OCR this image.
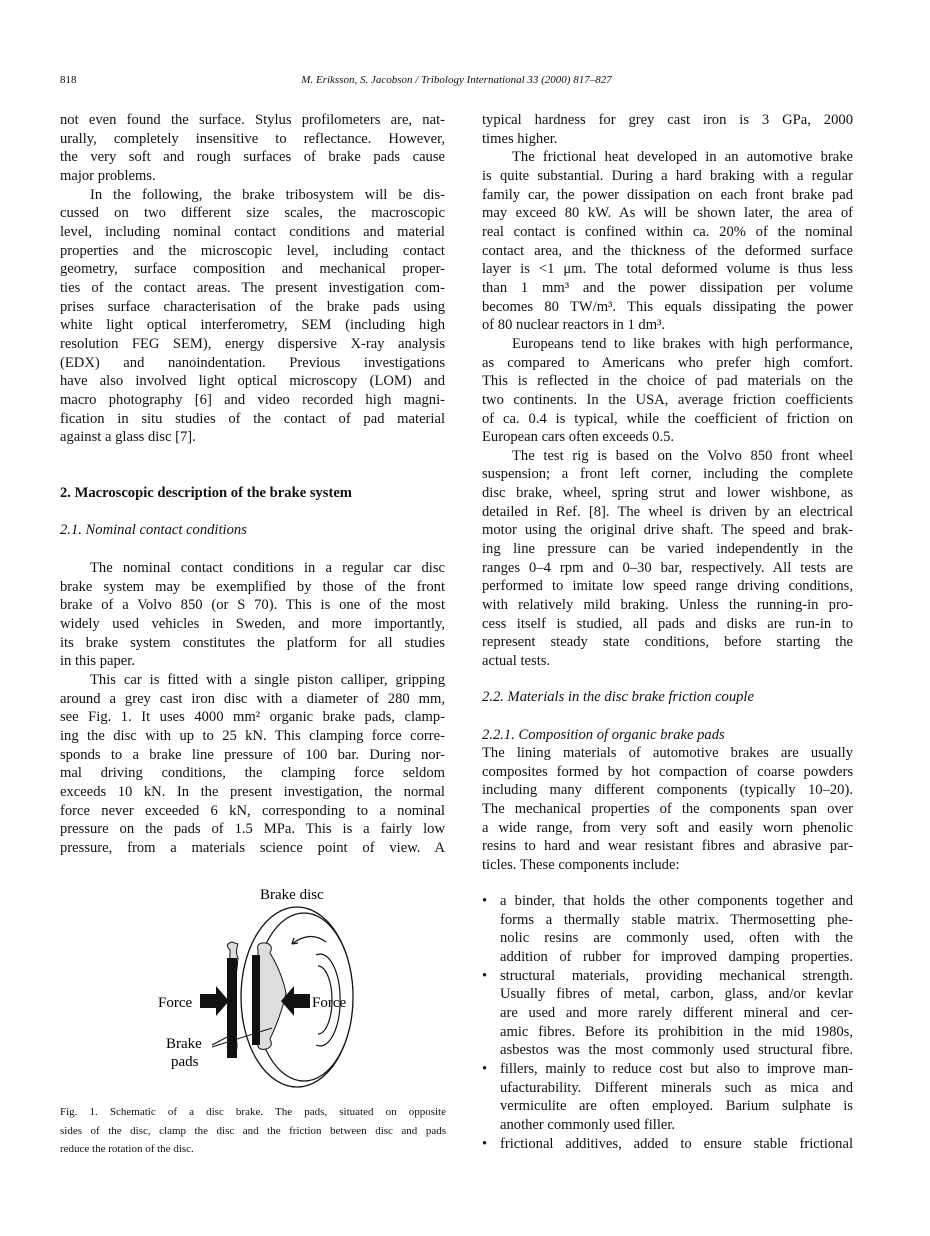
818	M. Eriksson, S. Jacobson / Tribology International 33 (2000) 817–827
not even found the surface. Stylus profilometers are, nat-
urally, completely insensitive to reflectance. However,
the very soft and rough surfaces of brake pads cause
major problems.
In the following, the brake tribosystem will be dis-
cussed on two different size scales, the macroscopic
level, including nominal contact conditions and material
properties and the microscopic level, including contact
geometry, surface composition and mechanical proper-
ties of the contact areas. The present investigation com-
prises surface characterisation of the brake pads using
white light optical interferometry, SEM (including high
resolution FEG SEM), energy dispersive X-ray analysis
(EDX) and nanoindentation. Previous investigations
have also involved light optical microscopy (LOM) and
macro photography [6] and video recorded high magni-
fication in situ studies of the contact of pad material
against a glass disc [7].
2. Macroscopic description of the brake system
2.1. Nominal contact conditions
The nominal contact conditions in a regular car disc
brake system may be exemplified by those of the front
brake of a Volvo 850 (or S 70). This is one of the most
widely used vehicles in Sweden, and more importantly,
its brake system constitutes the platform for all studies
in this paper.
This car is fitted with a single piston calliper, gripping
around a grey cast iron disc with a diameter of 280 mm,
see Fig. 1. It uses 4000 mm² organic brake pads, clamp-
ing the disc with up to 25 kN. This clamping force corre-
sponds to a brake line pressure of 100 bar. During nor-
mal driving conditions, the clamping force seldom
exceeds 10 kN. In the present investigation, the normal
force never exceeded 6 kN, corresponding to a nominal
pressure on the pads of 1.5 MPa. This is a fairly low
pressure, from a materials science point of view. A
Brake disc
Force	Force
Brake
pads
Fig. 1. Schematic of a disc brake. The pads, situated on opposite
sides of the disc, clamp the disc and the friction between disc and pads
reduce the rotation of the disc.
typical hardness for grey cast iron is 3 GPa, 2000
times higher.
The frictional heat developed in an automotive brake
is quite substantial. During a hard braking with a regular
family car, the power dissipation on each front brake pad
may exceed 80 kW. As will be shown later, the area of
real contact is confined within ca. 20% of the nominal
contact area, and the thickness of the deformed surface
layer is <1 μm. The total deformed volume is thus less
than 1 mm³ and the power dissipation per volume
becomes 80 TW/m³. This equals dissipating the power
of 80 nuclear reactors in 1 dm³.
Europeans tend to like brakes with high performance,
as compared to Americans who prefer high comfort.
This is reflected in the choice of pad materials on the
two continents. In the USA, average friction coefficients
of ca. 0.4 is typical, while the coefficient of friction on
European cars often exceeds 0.5.
The test rig is based on the Volvo 850 front wheel
suspension; a front left corner, including the complete
disc brake, wheel, spring strut and lower wishbone, as
detailed in Ref. [8]. The wheel is driven by an electrical
motor using the original drive shaft. The speed and brak-
ing line pressure can be varied independently in the
ranges 0–4 rpm and 0–30 bar, respectively. All tests are
performed to imitate low speed range driving conditions,
with relatively mild braking. Unless the running-in pro-
cess itself is studied, all pads and disks are run-in to
represent steady state conditions, before starting the
actual tests.
2.2. Materials in the disc brake friction couple
2.2.1. Composition of organic brake pads
The lining materials of automotive brakes are usually
composites formed by hot compaction of coarse powders
including many different components (typically 10–20).
The mechanical properties of the components span over
a wide range, from very soft and easily worn phenolic
resins to hard and wear resistant fibres and abrasive par-
ticles. These components include:
• a binder, that holds the other components together and
forms a thermally stable matrix. Thermosetting phe-
nolic resins are commonly used, often with the
addition of rubber for improved damping properties.
• structural materials, providing mechanical strength.
Usually fibres of metal, carbon, glass, and/or kevlar
are used and more rarely different mineral and cer-
amic fibres. Before its prohibition in the mid 1980s,
asbestos was the most commonly used structural fibre.
• fillers, mainly to reduce cost but also to improve man-
ufacturability. Different minerals such as mica and
vermiculite are often employed. Barium sulphate is
another commonly used filler.
• frictional additives, added to ensure stable frictional
